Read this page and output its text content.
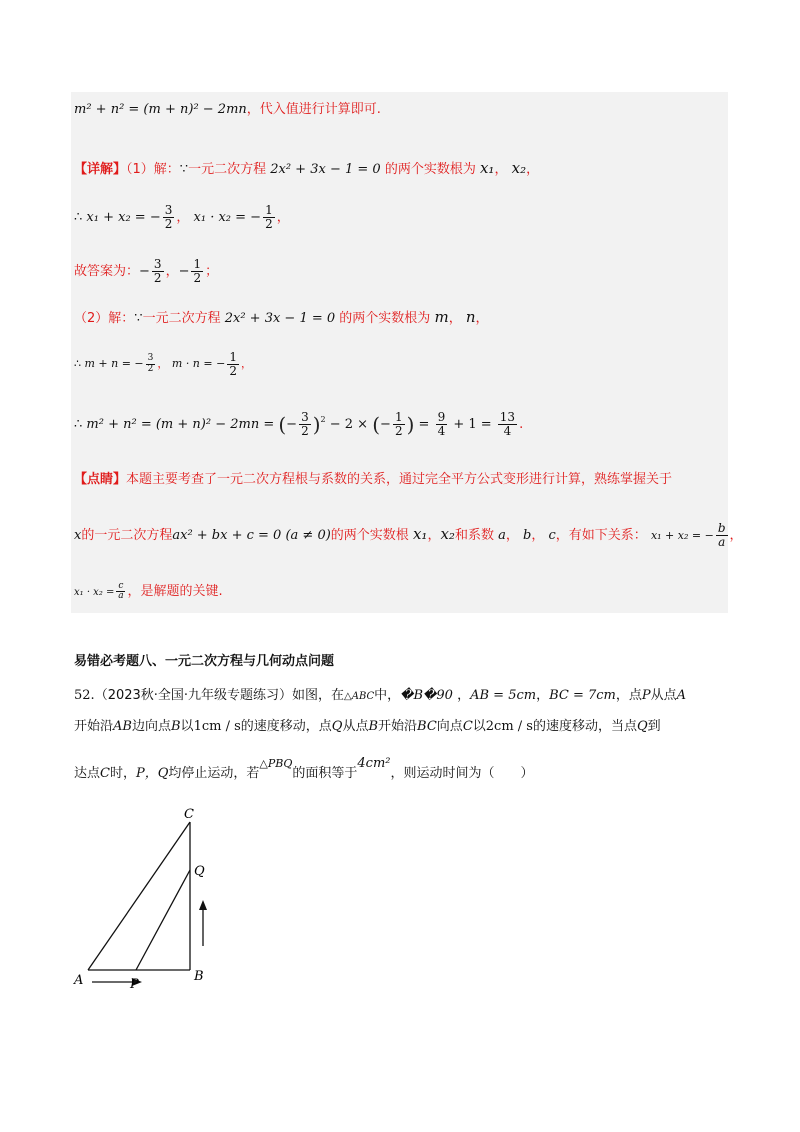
m² + n² = (m + n)² − 2mn，代入值进行计算即可.
【详解】（1）解：∵一元二次方程 2x² + 3x − 1 = 0 的两个实数根为 x₁， x₂，
∴ x₁ + x₂ = − $\frac{3}{2}$ ， x₁ · x₂ = − $\frac{1}{2}$ ，
故答案为：− $\frac{3}{2}$ ，− $\frac{1}{2}$ ；
（2）解：∵一元二次方程 2x² + 3x − 1 = 0 的两个实数根为 m， n，
∴ m + n = − $\frac{3}{2}$ ， m · n = − $\frac{1}{2}$ ，
∴ m² + n² = (m + n)² − 2mn = (− $\frac{3}{2} )^2 - 2$ × (− $\frac{1}{2}$ ) = $\frac{9}{4} + 1 = \frac{13}{4}$ .
【点睛】本题主要考查了一元二次方程根与系数的关系，通过完全平方公式变形进行计算，熟练掌握关于
x的一元二次方程ax² + bx + c = 0 (a ≠ 0)的两个实数根 x₁，x₂和系数 a， b， c，有如下关系： x₁ + x₂ = − $\frac{b}{a}$ ，
$x_1 \cdot x_2 = \frac{c}{a}$ ，是解题的关键.
易错必考题八、一元二次方程与几何动点问题
52.（2023秋·全国·九年级专题练习）如图，在△ABC中，�B�90 ，AB = 5cm，BC = 7cm，点P从点A
开始沿AB边向点B以1cm / s的速度移动，点Q从点B开始沿BC向点C以2cm / s的速度移动，当点Q到
达点C时，P，Q均停止运动，若$^{\triangle PBQ}$的面积等于4cm²，则运动时间为（　　）
A	B
C
P
Q
